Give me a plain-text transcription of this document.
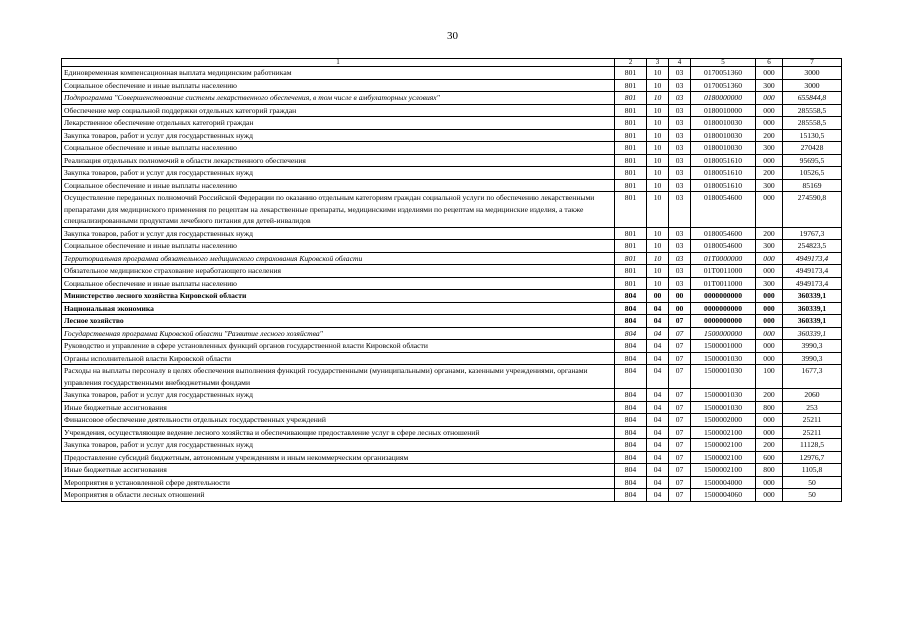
30
1	2	3	4	5	6	7
Единовременная компенсационная выплата медицинским работникам	801	10	03	0170051360	000	3000
Социальное обеспечение и иные выплаты населению	801	10	03	0170051360	300	3000
Подпрограмма "Совершенствование системы лекарственного обеспечения, в том числе в амбулаторных условиях"	801	10	03	0180000000	000	655844,8
Обеспечение мер социальной поддержки отдельных категорий граждан	801	10	03	0180010000	000	285558,5
Лекарственное обеспечение отдельных категорий граждан	801	10	03	0180010030	000	285558,5
Закупка товаров, работ и услуг для государственных нужд	801	10	03	0180010030	200	15130,5
Социальное обеспечение и иные выплаты населению	801	10	03	0180010030	300	270428
Реализация отдельных полномочий в области лекарственного обеспечения	801	10	03	0180051610	000	95695,5
Закупка товаров, работ и услуг для государственных нужд	801	10	03	0180051610	200	10526,5
Социальное обеспечение и иные выплаты населению	801	10	03	0180051610	300	85169
Осуществление переданных полномочий Российской Федерации по оказанию отдельным категориям граждан социальной услуги по обеспечению лекарственными препаратами для медицинского применения по рецептам на лекарственные препараты, медицинскими изделиями по рецептам на медицинские изделия, а также специализированными продуктами лечебного питания для детей-инвалидов	801	10	03	0180054600	000	274590,8
Закупка товаров, работ и услуг для государственных нужд	801	10	03	0180054600	200	19767,3
Социальное обеспечение и иные выплаты населению	801	10	03	0180054600	300	254823,5
Территориальная программа обязательного медицинского страхования Кировской области	801	10	03	01Т0000000	000	4949173,4
Обязательное медицинское страхование неработающего населения	801	10	03	01Т0011000	000	4949173,4
Социальное обеспечение и иные выплаты населению	801	10	03	01Т0011000	300	4949173,4
Министерство лесного хозяйства Кировской области	804	00	00	0000000000	000	360339,1
Национальная экономика	804	04	00	0000000000	000	360339,1
Лесное хозяйство	804	04	07	0000000000	000	360339,1
Государственная программа Кировской области "Развитие лесного хозяйства"	804	04	07	1500000000	000	360339,1
Руководство и управление в сфере установленных функций органов государственной власти Кировской области	804	04	07	1500001000	000	3990,3
Органы исполнительной власти Кировской области	804	04	07	1500001030	000	3990,3
Расходы на выплаты персоналу в целях обеспечения выполнения функций государственными (муниципальными) органами, казенными учреждениями, органами управления государственными внебюджетными фондами	804	04	07	1500001030	100	1677,3
Закупка товаров, работ и услуг для государственных нужд	804	04	07	1500001030	200	2060
Иные бюджетные ассигнования	804	04	07	1500001030	800	253
Финансовое обеспечение деятельности отдельных государственных учреждений	804	04	07	1500002000	000	25211
Учреждения, осуществляющие ведение лесного хозяйства и обеспечивающие предоставление услуг в сфере лесных отношений	804	04	07	1500002100	000	25211
Закупка товаров, работ и услуг для государственных нужд	804	04	07	1500002100	200	11128,5
Предоставление субсидий бюджетным, автономным учреждениям и иным некоммерческим организациям	804	04	07	1500002100	600	12976,7
Иные бюджетные ассигнования	804	04	07	1500002100	800	1105,8
Мероприятия в установленной сфере деятельности	804	04	07	1500004000	000	50
Мероприятия в области лесных отношений	804	04	07	1500004060	000	50
